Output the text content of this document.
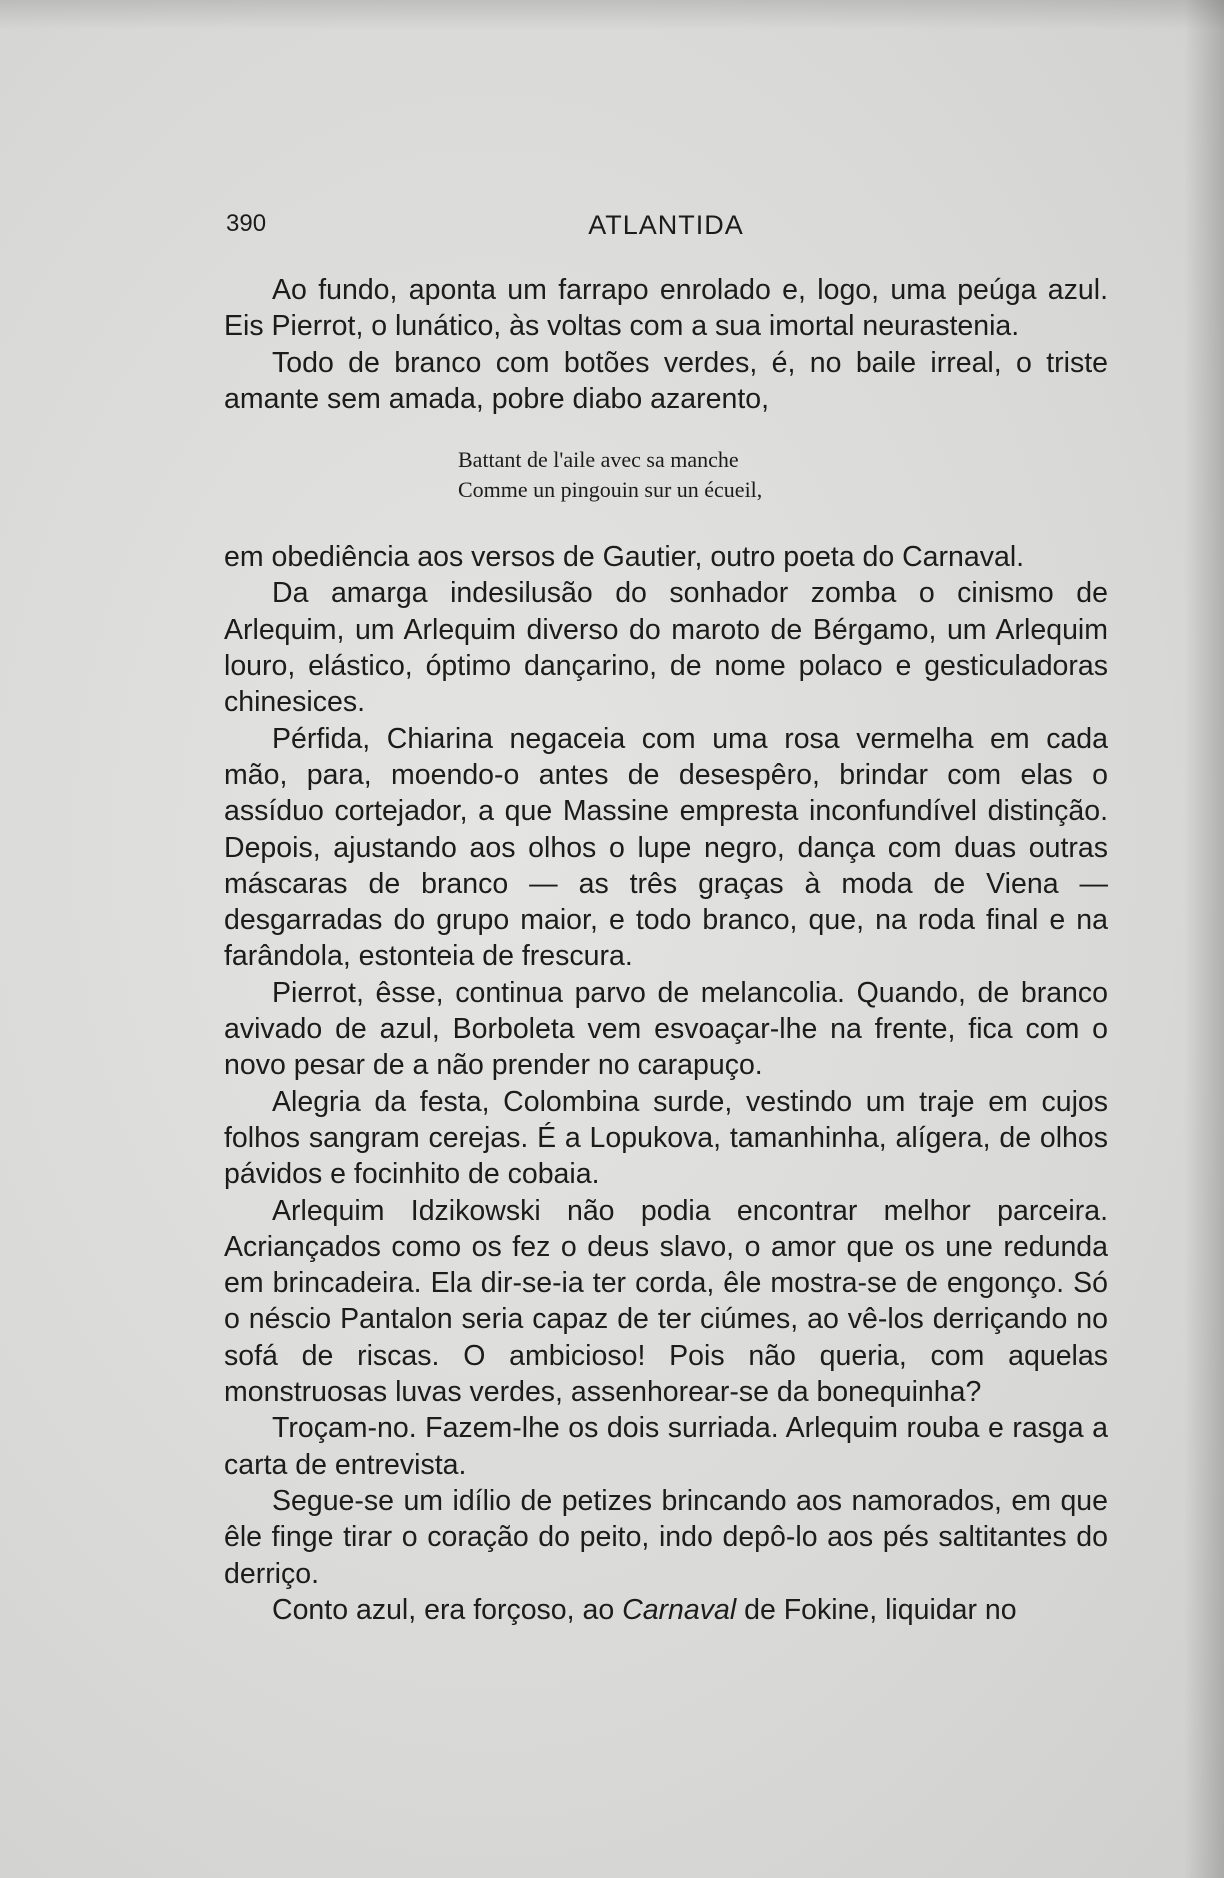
390	ATLANTIDA

Ao fundo, aponta um farrapo enrolado e, logo, uma peúga azul. Eis Pierrot, o lunático, às voltas com a sua imortal neurastenia.

Todo de branco com botões verdes, é, no baile irreal, o triste amante sem amada, pobre diabo azarento,

Battant de l'aile avec sa manche
Comme un pingouin sur un écueil,

em obediência aos versos de Gautier, outro poeta do Carnaval.

Da amarga indesilusão do sonhador zomba o cinismo de Arlequim, um Arlequim diverso do maroto de Bérgamo, um Arlequim louro, elástico, óptimo dançarino, de nome polaco e gesticuladoras chinesices.

Pérfida, Chiarina negaceia com uma rosa vermelha em cada mão, para, moendo-o antes de desespêro, brindar com elas o assíduo cortejador, a que Massine empresta inconfundível distinção. Depois, ajustando aos olhos o lupe negro, dança com duas outras máscaras de branco — as três graças à moda de Viena — desgarradas do grupo maior, e todo branco, que, na roda final e na farândola, estonteia de frescura.

Pierrot, êsse, continua parvo de melancolia. Quando, de branco avivado de azul, Borboleta vem esvoaçar-lhe na frente, fica com o novo pesar de a não prender no carapuço.

Alegria da festa, Colombina surde, vestindo um traje em cujos folhos sangram cerejas. É a Lopukova, tamanhinha, alígera, de olhos pávidos e focinhito de cobaia.

Arlequim Idzikowski não podia encontrar melhor parceira. Acriançados como os fez o deus slavo, o amor que os une redunda em brincadeira. Ela dir-se-ia ter corda, êle mostra-se de engonço. Só o néscio Pantalon seria capaz de ter ciúmes, ao vê-los derriçando no sofá de riscas. O ambicioso! Pois não queria, com aquelas monstruosas luvas verdes, assenhorear-se da bonequinha?

Troçam-no. Fazem-lhe os dois surriada. Arlequim rouba e rasga a carta de entrevista.

Segue-se um idílio de petizes brincando aos namorados, em que êle finge tirar o coração do peito, indo depô-lo aos pés saltitantes do derriço.

Conto azul, era forçoso, ao Carnaval de Fokine, liquidar no
